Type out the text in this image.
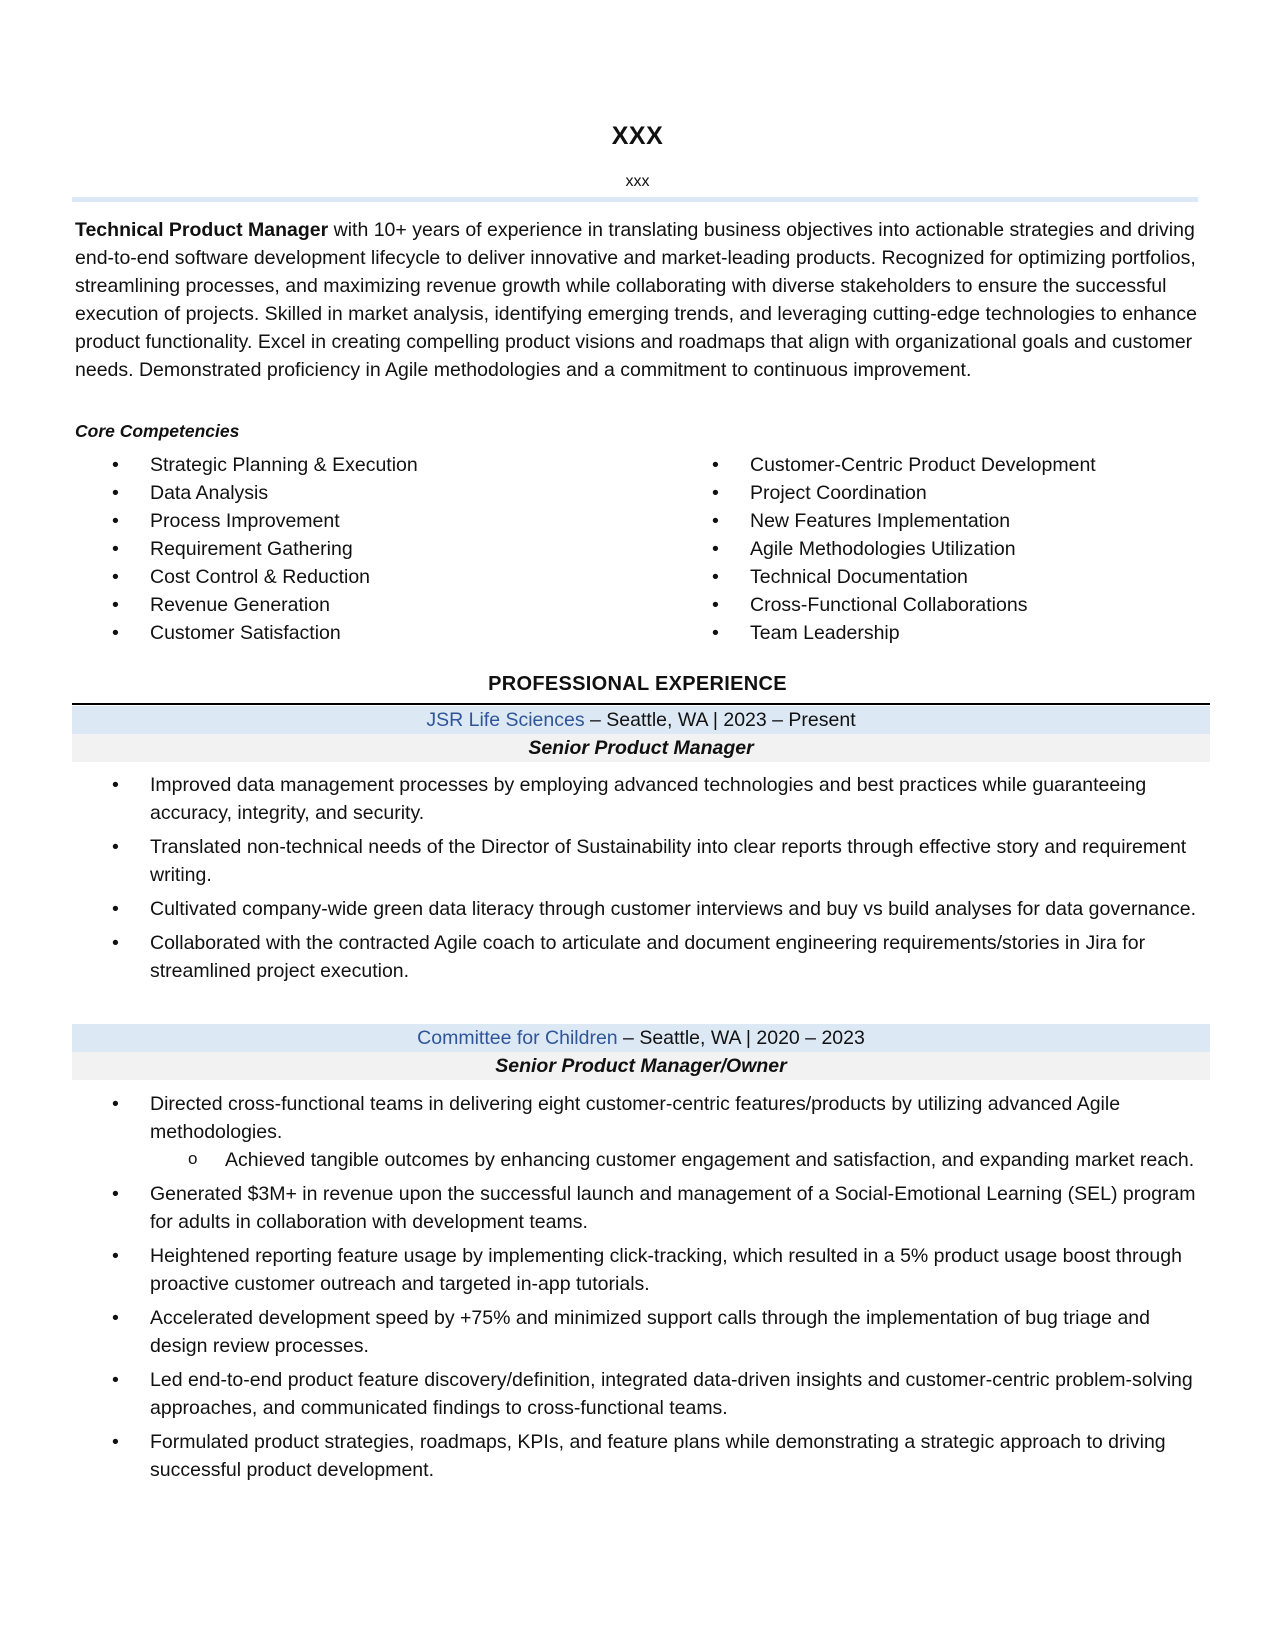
XXX
xxx
Technical Product Manager with 10+ years of experience in translating business objectives into actionable strategies and driving end-to-end software development lifecycle to deliver innovative and market-leading products. Recognized for optimizing portfolios, streamlining processes, and maximizing revenue growth while collaborating with diverse stakeholders to ensure the successful execution of projects. Skilled in market analysis, identifying emerging trends, and leveraging cutting-edge technologies to enhance product functionality. Excel in creating compelling product visions and roadmaps that align with organizational goals and customer needs. Demonstrated proficiency in Agile methodologies and a commitment to continuous improvement.
Core Competencies
• Strategic Planning & Execution
• Data Analysis
• Process Improvement
• Requirement Gathering
• Cost Control & Reduction
• Revenue Generation
• Customer Satisfaction
• Customer-Centric Product Development
• Project Coordination
• New Features Implementation
• Agile Methodologies Utilization
• Technical Documentation
• Cross-Functional Collaborations
• Team Leadership
PROFESSIONAL EXPERIENCE
JSR Life Sciences – Seattle, WA | 2023 – Present
Senior Product Manager
• Improved data management processes by employing advanced technologies and best practices while guaranteeing accuracy, integrity, and security.
• Translated non-technical needs of the Director of Sustainability into clear reports through effective story and requirement writing.
• Cultivated company-wide green data literacy through customer interviews and buy vs build analyses for data governance.
• Collaborated with the contracted Agile coach to articulate and document engineering requirements/stories in Jira for streamlined project execution.
Committee for Children – Seattle, WA | 2020 – 2023
Senior Product Manager/Owner
• Directed cross-functional teams in delivering eight customer-centric features/products by utilizing advanced Agile methodologies.
o Achieved tangible outcomes by enhancing customer engagement and satisfaction, and expanding market reach.
• Generated $3M+ in revenue upon the successful launch and management of a Social-Emotional Learning (SEL) program for adults in collaboration with development teams.
• Heightened reporting feature usage by implementing click-tracking, which resulted in a 5% product usage boost through proactive customer outreach and targeted in-app tutorials.
• Accelerated development speed by +75% and minimized support calls through the implementation of bug triage and design review processes.
• Led end-to-end product feature discovery/definition, integrated data-driven insights and customer-centric problem-solving approaches, and communicated findings to cross-functional teams.
• Formulated product strategies, roadmaps, KPIs, and feature plans while demonstrating a strategic approach to driving successful product development.
